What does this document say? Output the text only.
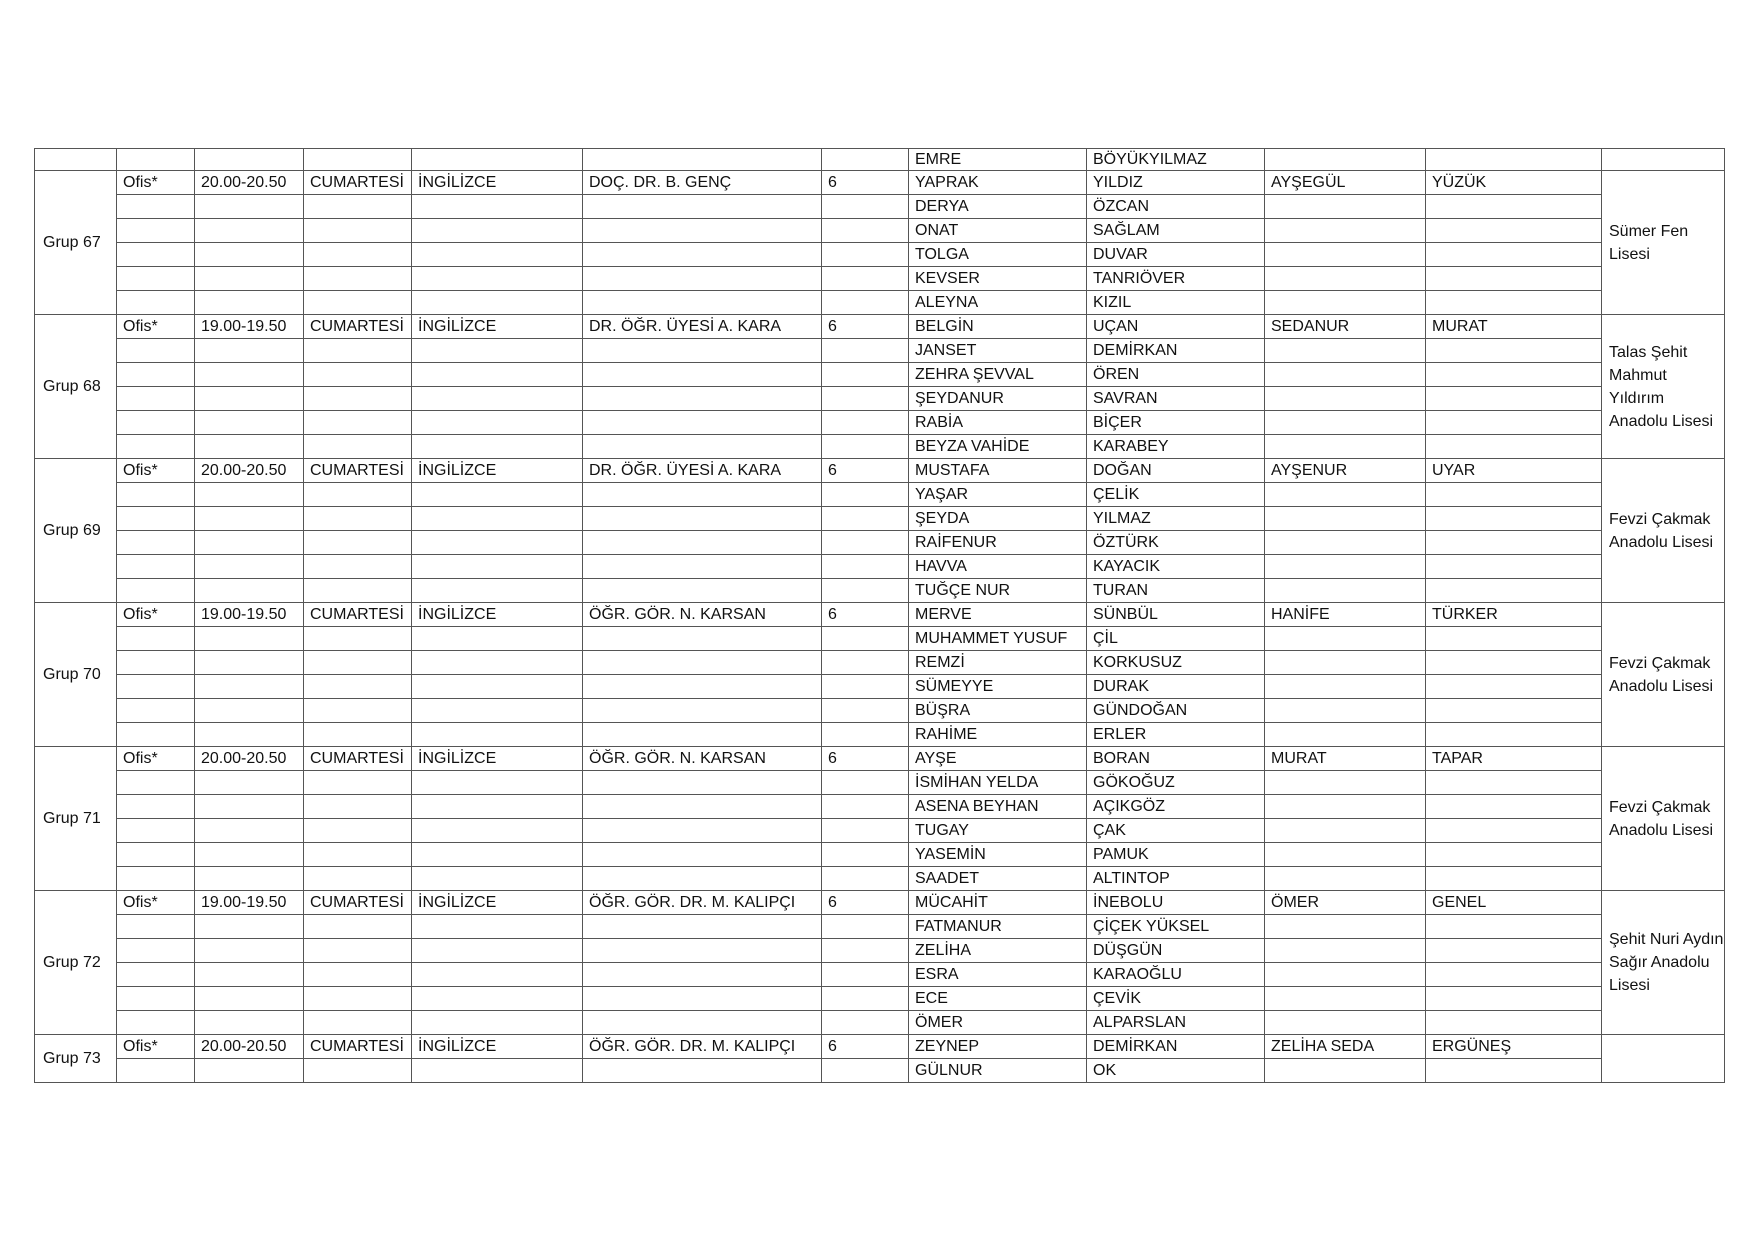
							EMRE	BÖYÜKYILMAZ			
Grup 67	Ofis*	20.00-20.50	CUMARTESİ	İNGİLİZCE	DOÇ. DR. B. GENÇ	6	YAPRAK	YILDIZ	AYŞEGÜL	YÜZÜK	Sümer Fen Lisesi
							DERYA	ÖZCAN			
							ONAT	SAĞLAM			
							TOLGA	DUVAR			
							KEVSER	TANRIÖVER			
							ALEYNA	KIZIL			
Grup 68	Ofis*	19.00-19.50	CUMARTESİ	İNGİLİZCE	DR. ÖĞR. ÜYESİ A. KARA	6	BELGİN	UÇAN	SEDANUR	MURAT	Talas Şehit Mahmut Yıldırım Anadolu Lisesi
							JANSET	DEMİRKAN			
							ZEHRA ŞEVVAL	ÖREN			
							ŞEYDANUR	SAVRAN			
							RABİA	BİÇER			
							BEYZA VAHİDE	KARABEY			
Grup 69	Ofis*	20.00-20.50	CUMARTESİ	İNGİLİZCE	DR. ÖĞR. ÜYESİ A. KARA	6	MUSTAFA	DOĞAN	AYŞENUR	UYAR	Fevzi Çakmak Anadolu Lisesi
							YAŞAR	ÇELİK			
							ŞEYDA	YILMAZ			
							RAİFENUR	ÖZTÜRK			
							HAVVA	KAYACIK			
							TUĞÇE NUR	TURAN			
Grup 70	Ofis*	19.00-19.50	CUMARTESİ	İNGİLİZCE	ÖĞR. GÖR. N. KARSAN	6	MERVE	SÜNBÜL	HANİFE	TÜRKER	Fevzi Çakmak Anadolu Lisesi
							MUHAMMET YUSUF	ÇİL			
							REMZİ	KORKUSUZ			
							SÜMEYYE	DURAK			
							BÜŞRA	GÜNDOĞAN			
							RAHİME	ERLER			
Grup 71	Ofis*	20.00-20.50	CUMARTESİ	İNGİLİZCE	ÖĞR. GÖR. N. KARSAN	6	AYŞE	BORAN	MURAT	TAPAR	Fevzi Çakmak Anadolu Lisesi
							İSMİHAN YELDA	GÖKOĞUZ			
							ASENA BEYHAN	AÇIKGÖZ			
							TUGAY	ÇAK			
							YASEMİN	PAMUK			
							SAADET	ALTINTOP			
Grup 72	Ofis*	19.00-19.50	CUMARTESİ	İNGİLİZCE	ÖĞR. GÖR. DR. M. KALIPÇI	6	MÜCAHİT	İNEBOLU	ÖMER	GENEL	Şehit Nuri Aydın Sağır Anadolu Lisesi
							FATMANUR	ÇİÇEK YÜKSEL			
							ZELİHA	DÜŞGÜN			
							ESRA	KARAOĞLU			
							ECE	ÇEVİK			
							ÖMER	ALPARSLAN			
Grup 73	Ofis*	20.00-20.50	CUMARTESİ	İNGİLİZCE	ÖĞR. GÖR. DR. M. KALIPÇI	6	ZEYNEP	DEMİRKAN	ZELİHA SEDA	ERGÜNEŞ	
							GÜLNUR	OK			
